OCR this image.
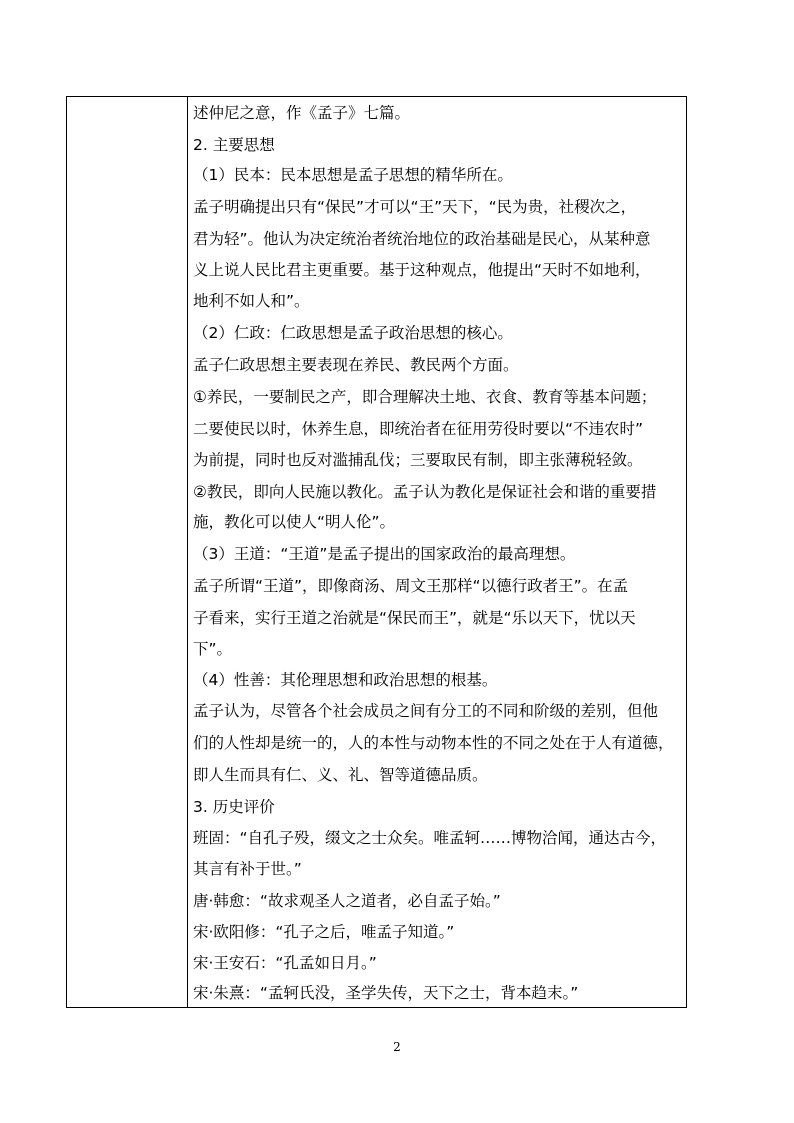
述仲尼之意，作《孟子》七篇。
2. 主要思想
（1）民本：民本思想是孟子思想的精华所在。
孟子明确提出只有“保民”才可以“王”天下，“民为贵，社稷次之，
君为轻”。他认为决定统治者统治地位的政治基础是民心，从某种意
义上说人民比君主更重要。基于这种观点，他提出“天时不如地利，
地利不如人和”。
（2）仁政：仁政思想是孟子政治思想的核心。
孟子仁政思想主要表现在养民、教民两个方面。
①养民，一要制民之产，即合理解决土地、衣食、教育等基本问题；
二要使民以时，休养生息，即统治者在征用劳役时要以“不违农时”
为前提，同时也反对滥捕乱伐；三要取民有制，即主张薄税轻敛。
②教民，即向人民施以教化。孟子认为教化是保证社会和谐的重要措
施，教化可以使人“明人伦”。
（3）王道：“王道”是孟子提出的国家政治的最高理想。
孟子所谓“王道”，即像商汤、周文王那样“以德行政者王”。在孟
子看来，实行王道之治就是“保民而王”，就是“乐以天下，忧以天
下”。
（4）性善：其伦理思想和政治思想的根基。
孟子认为，尽管各个社会成员之间有分工的不同和阶级的差别，但他
们的人性却是统一的，人的本性与动物本性的不同之处在于人有道德，
即人生而具有仁、义、礼、智等道德品质。
3. 历史评价
班固：“自孔子殁，缀文之士众矣。唯孟轲……博物洽闻，通达古今，
其言有补于世。”
唐·韩愈：“故求观圣人之道者，必自孟子始。”
宋·欧阳修：“孔子之后，唯孟子知道。”
宋·王安石：“孔孟如日月。”
宋·朱熹：“孟轲氏没，圣学失传，天下之士，背本趋末。”
2
